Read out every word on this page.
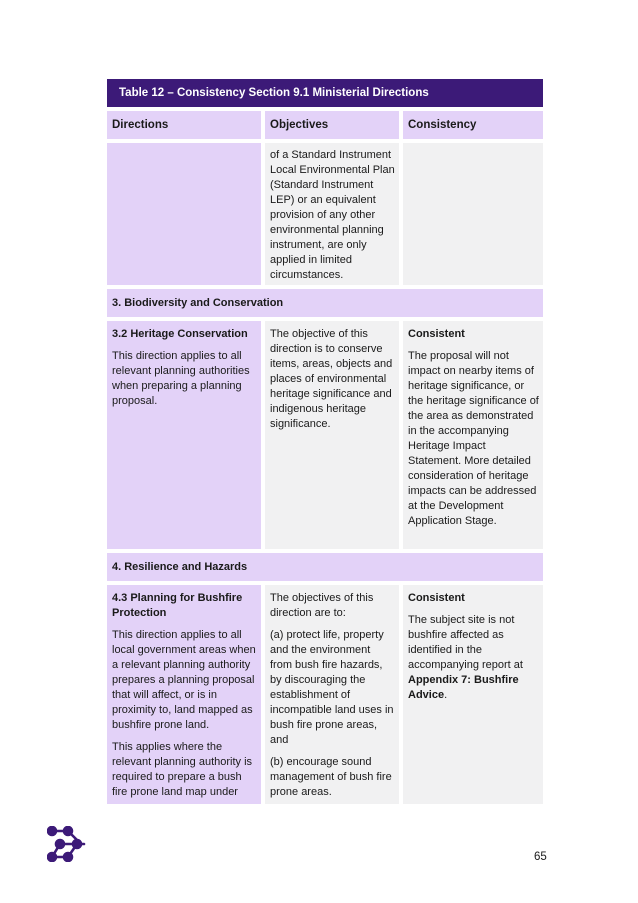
Table 12 – Consistency Section 9.1 Ministerial Directions
Directions	Objectives	Consistency
of a Standard Instrument Local Environmental Plan (Standard Instrument LEP) or an equivalent provision of any other environmental planning instrument, are only applied in limited circumstances.
3. Biodiversity and Conservation

3.2 Heritage Conservation

This direction applies to all relevant planning authorities when preparing a planning proposal.

The objective of this direction is to conserve items, areas, objects and places of environmental heritage significance and indigenous heritage significance.

Consistent

The proposal will not impact on nearby items of heritage significance, or the heritage significance of the area as demonstrated in the accompanying Heritage Impact Statement. More detailed consideration of heritage impacts can be addressed at the Development Application Stage.

4. Resilience and Hazards

4.3 Planning for Bushfire Protection

This direction applies to all local government areas when a relevant planning authority prepares a planning proposal that will affect, or is in proximity to, land mapped as bushfire prone land.

This applies where the relevant planning authority is required to prepare a bush fire prone land map under

The objectives of this direction are to:

(a) protect life, property and the environment from bush fire hazards, by discouraging the establishment of incompatible land uses in bush fire prone areas, and

(b) encourage sound management of bush fire prone areas.

Consistent

The subject site is not bushfire affected as identified in the accompanying report at Appendix 7: Bushfire Advice.

65
